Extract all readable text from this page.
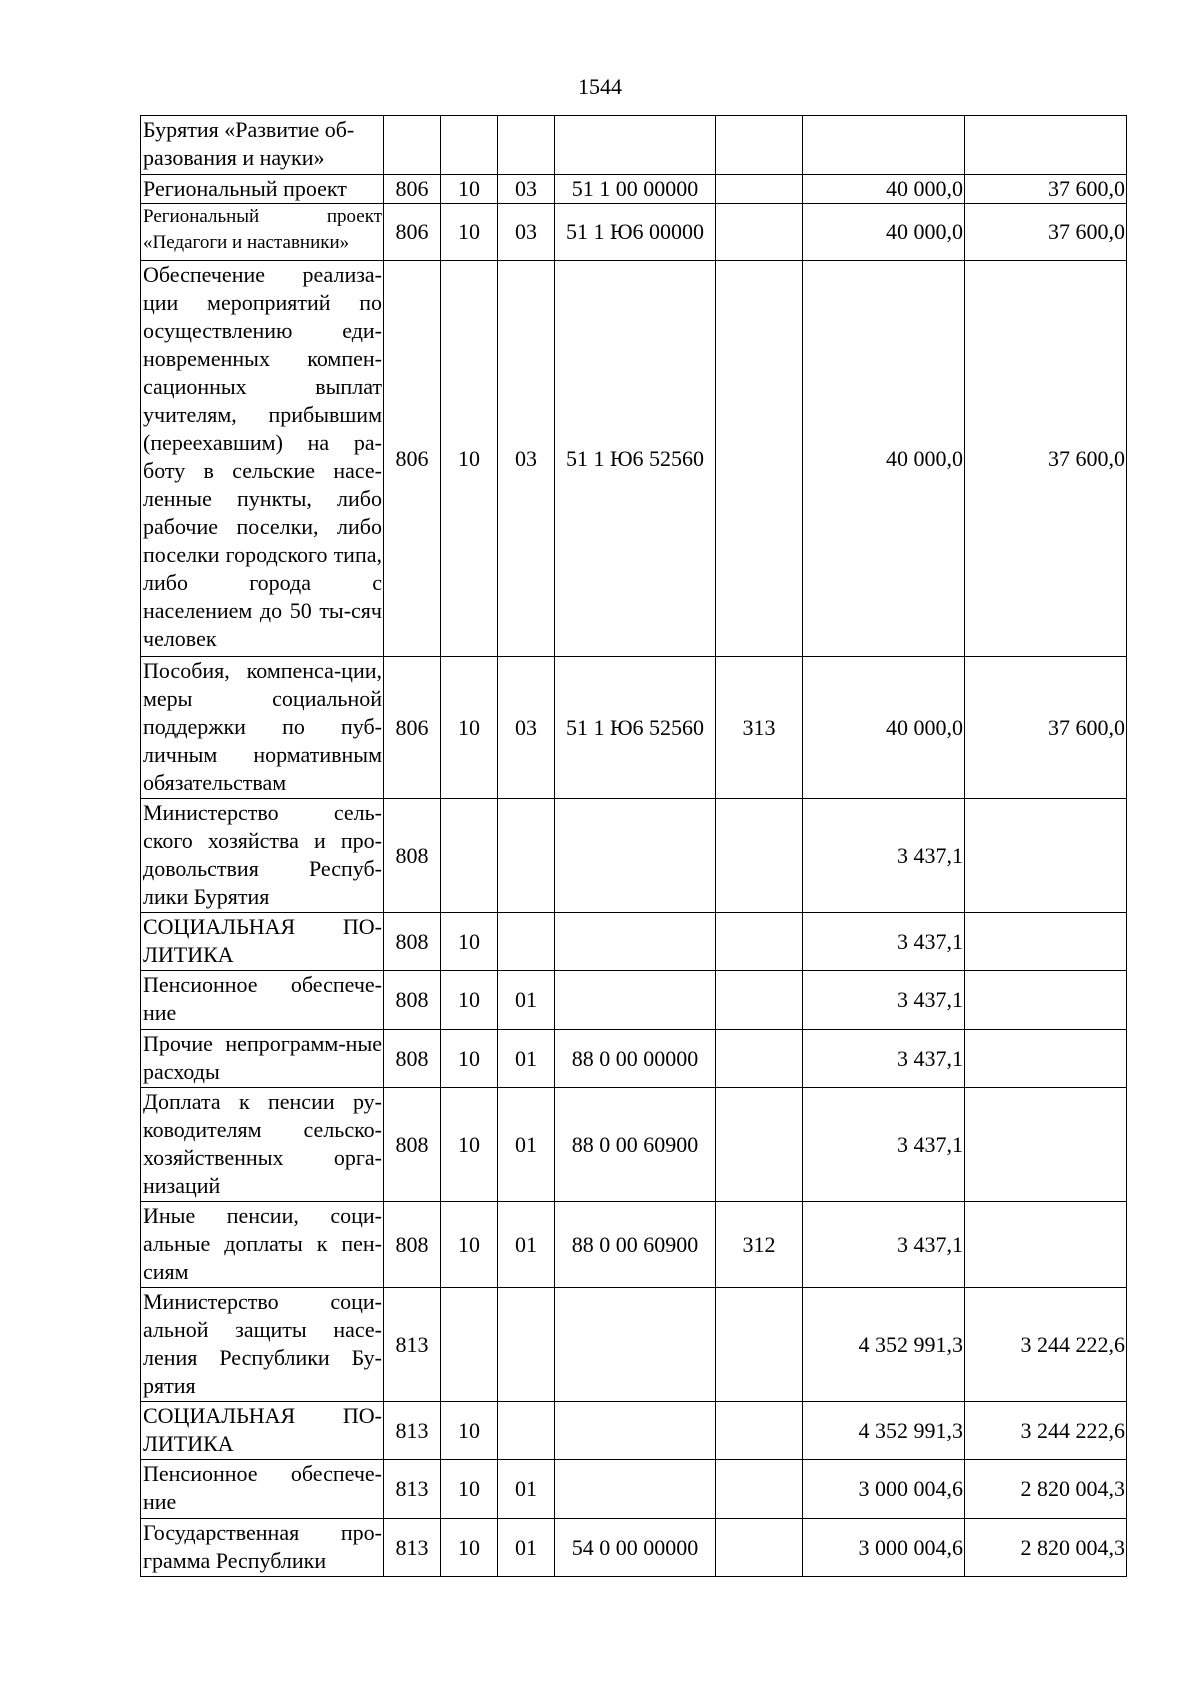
1544
Бурятия «Развитие об-​
разования и науки»							
Региональный проект	806	10	03	51 1 00 00000		40 000,0	37 600,0
Региональный проект «Педагоги и наставники»	806	10	03	51 1 Ю6 00000		40 000,0	37 600,0
Обеспечение реализа-​ции мероприятий по осуществлению еди-​новременных компен-​сационных выплат учителям, прибывшим (переехавшим) на ра-​боту в сельские насе-​ленные пункты, либо рабочие поселки, либо поселки городского типа, либо города с населением до 50 ты-​сяч человек	806	10	03	51 1 Ю6 52560		40 000,0	37 600,0
Пособия, компенса-​ции, меры социальной поддержки по пуб-​личным нормативным обязательствам	806	10	03	51 1 Ю6 52560	313	40 000,0	37 600,0
Министерство сель-​ского хозяйства и про-​довольствия Респуб-​лики Бурятия	808					3 437,1	
СОЦИАЛЬНАЯ ПО-​ЛИТИКА	808	10				3 437,1	
Пенсионное обеспече-​ние	808	10	01			3 437,1	
Прочие непрограмм-​ные расходы	808	10	01	88 0 00 00000		3 437,1	
Доплата к пенсии ру-​ководителям сельско-​хозяйственных орга-​низаций	808	10	01	88 0 00 60900		3 437,1	
Иные пенсии, соци-​альные доплаты к пен-​сиям	808	10	01	88 0 00 60900	312	3 437,1	
Министерство соци-​альной защиты насе-​ления Республики Бу-​рятия	813					4 352 991,3	3 244 222,6
СОЦИАЛЬНАЯ ПО-​ЛИТИКА	813	10				4 352 991,3	3 244 222,6
Пенсионное обеспече-​ние	813	10	01			3 000 004,6	2 820 004,3
Государственная про-​грамма Республики	813	10	01	54 0 00 00000		3 000 004,6	2 820 004,3
